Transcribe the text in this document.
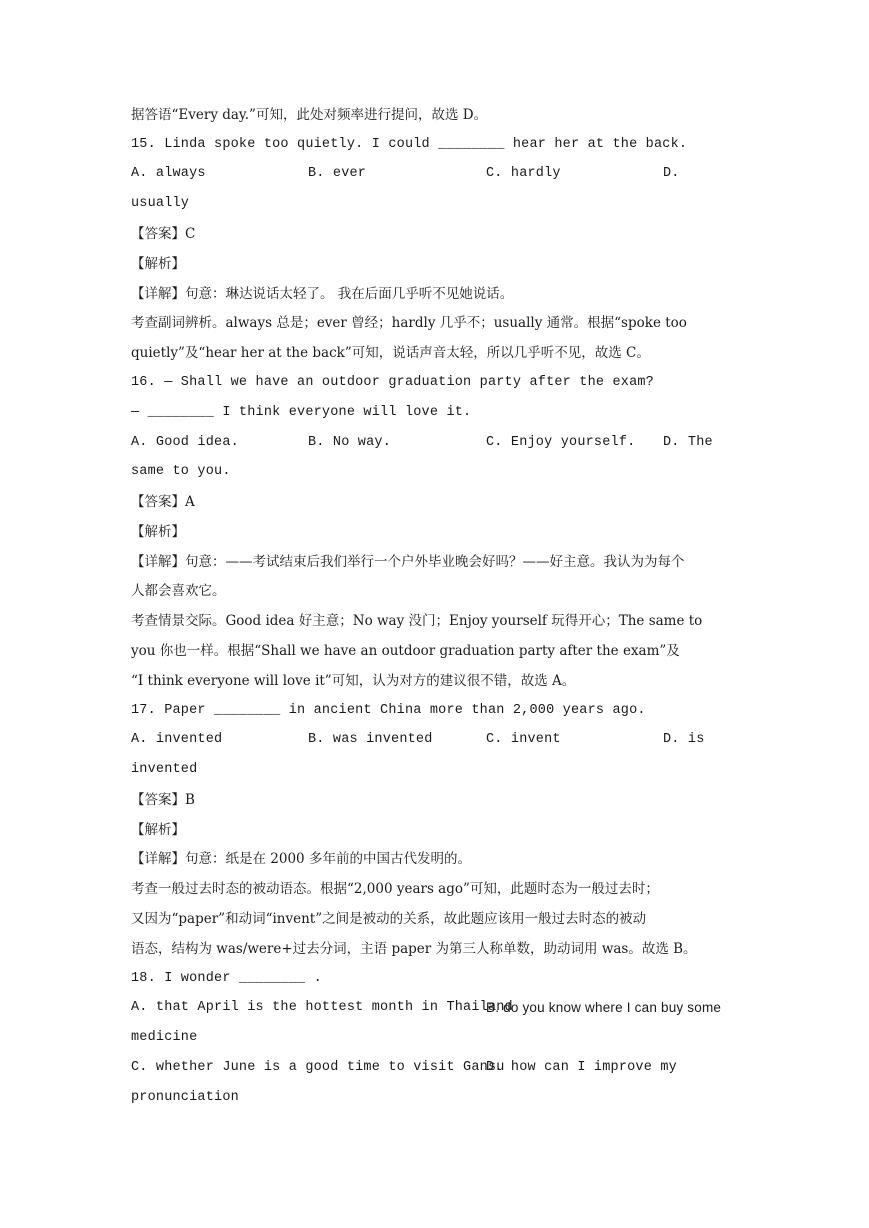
据答语“Every day.”可知，此处对频率进行提问，故选 D。
15. Linda spoke too quietly. I could ________ hear her at the back.
A. always	B. ever	C. hardly	D.
usually
【答案】C
【解析】
【详解】句意：琳达说话太轻了。 我在后面几乎听不见她说话。
考查副词辨析。always 总是；ever 曾经；hardly 几乎不；usually 通常。根据“spoke too
quietly”及“hear her at the back”可知，说话声音太轻，所以几乎听不见，故选 C。
16. — Shall we have an outdoor graduation party after the exam?
— ________ I think everyone will love it.
A. Good idea.	B. No way.	C. Enjoy yourself. D. The
same to you.
【答案】A
【解析】
【详解】句意：——考试结束后我们举行一个户外毕业晚会好吗？——好主意。我认为为每个
人都会喜欢它。
考查情景交际。Good idea 好主意；No way 没门；Enjoy yourself 玩得开心；The same to
you 你也一样。根据“Shall we have an outdoor graduation party after the exam”及
“I think everyone will love it”可知，认为对方的建议很不错，故选 A。
17. Paper ________ in ancient China more than 2,000 years ago.
A. invented	B. was invented	C. invent	D. is
invented
【答案】B
【解析】
【详解】句意：纸是在 2000 多年前的中国古代发明的。
考查一般过去时态的被动语态。根据“2,000 years ago”可知，此题时态为一般过去时；
又因为“paper”和动词“invent”之间是被动的关系，故此题应该用一般过去时态的被动
语态，结构为 was/were+过去分词，主语 paper 为第三人称单数，助动词用 was。故选 B。
18. I wonder ________ .
A. that April is the hottest month in Thailand
B. do you know where I can buy some
medicine
C. whether June is a good time to visit Gansu
D. how can I improve my
pronunciation
